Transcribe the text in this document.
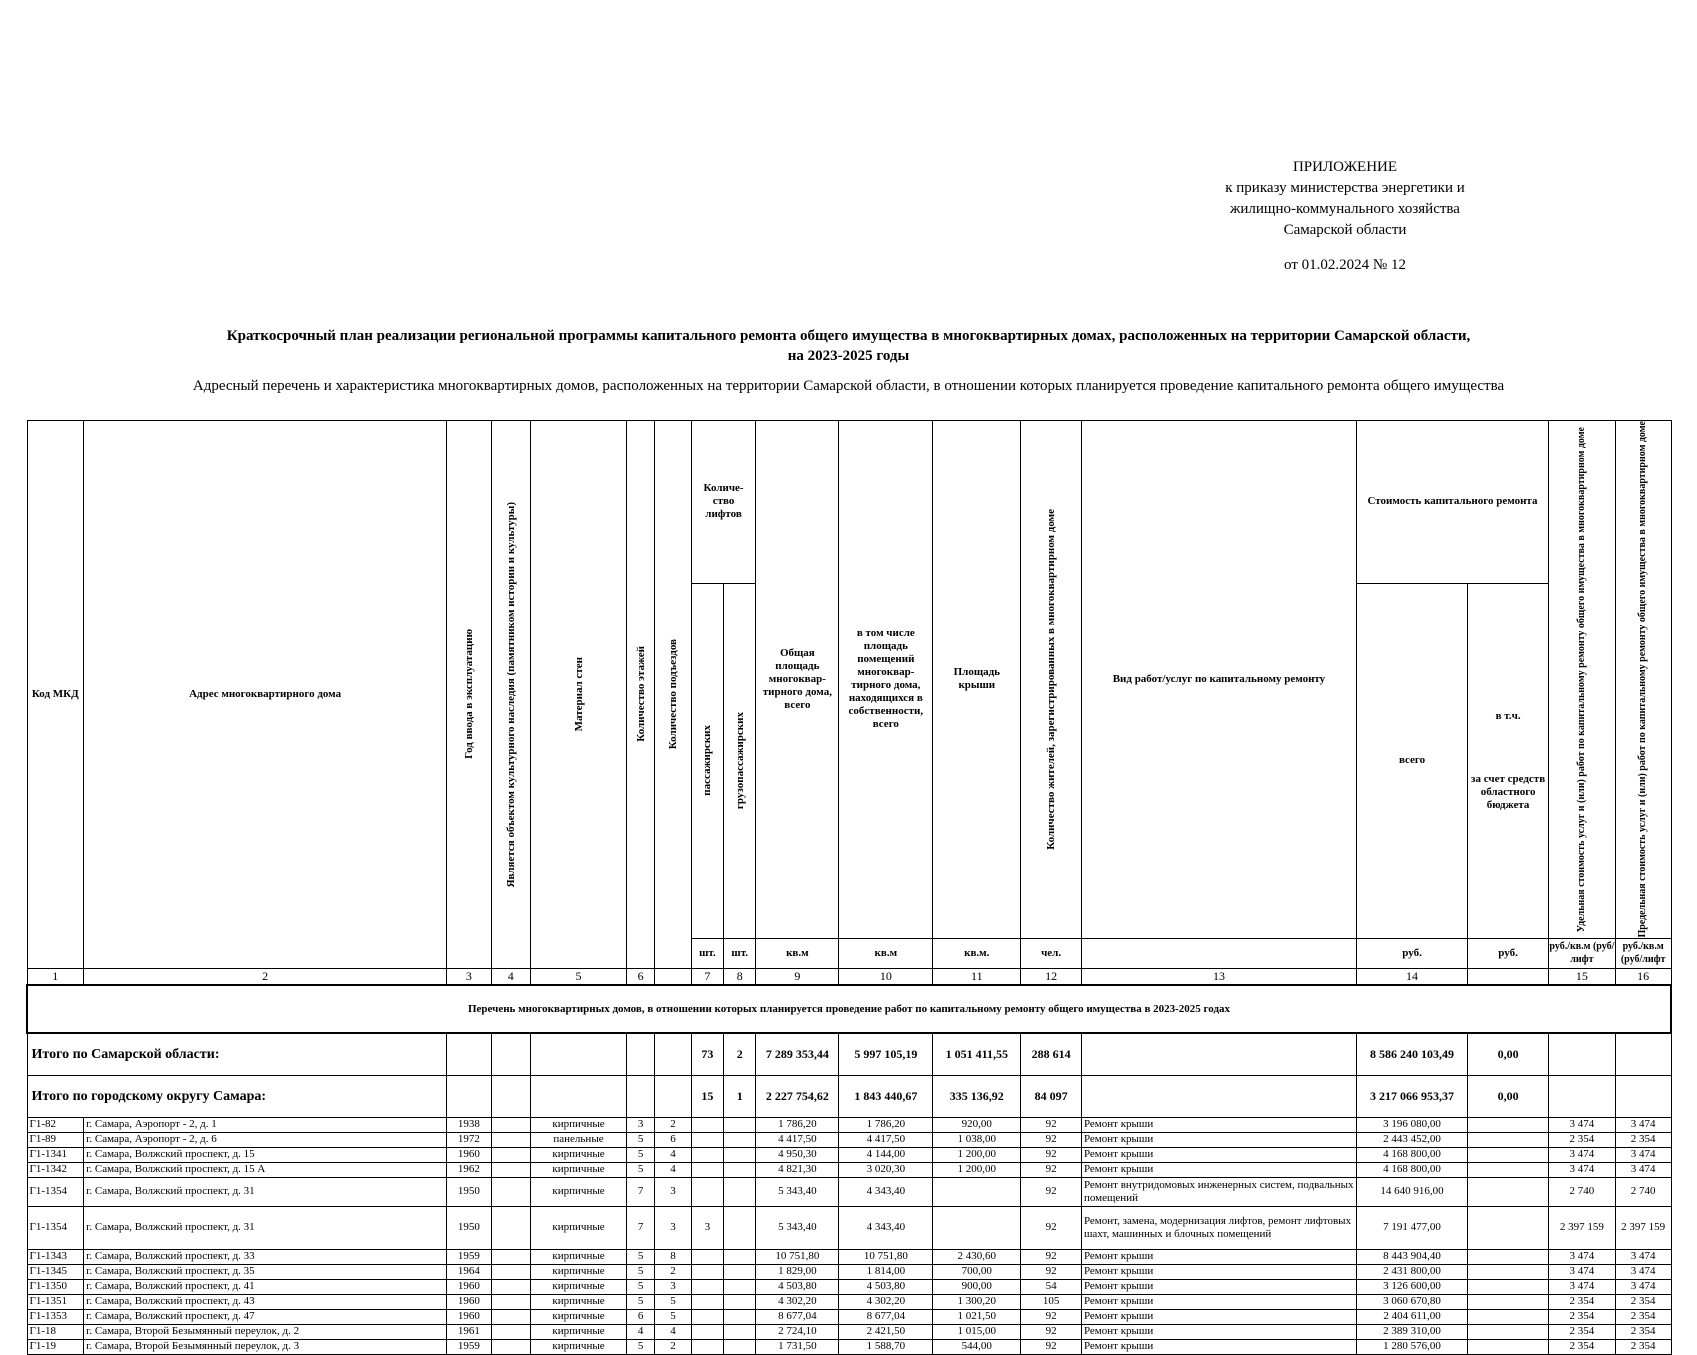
ПРИЛОЖЕНИЕ
к приказу министерства энергетики и
жилищно-коммунального хозяйства
Самарской области
от 01.02.2024 № 12
Краткосрочный план реализации региональной программы капитального ремонта общего имущества в многоквартирных домах, расположенных на территории Самарской области,
на 2023-2025 годы
Адресный перечень и характеристика многоквартирных домов, расположенных на территории Самарской области, в отношении которых планируется проведение капитального ремонта общего имущества
Код МКД	Адрес многоквартирного дома	Год ввода в эксплуатацию	Является объектом культурного наследия (памятником истории и культуры)	Материал стен	Количество этажей	Количество подъездов	Количе-ство лифтов		Общая площадь многоквар-тирного дома, всего	в том числе площадь помещений многоквар-тирного дома, находящихся в собственности, всего	Площадь крыши	Количество жителей, зарегистрированных в многоквартирном доме	Вид работ/услуг по капитальному ремонту	Стоимость капитального ремонта		Удельная стоимость услуг и (или) работ по капитальному ремонту общего имущества в многоквартирном доме	Предельная стоимость услуг и (или) работ по капитальному ремонту общего имущества в многоквартирном доме

							пассажирских	грузопассажирских						всего	в т.ч.
за счет средств областного бюджета		

							шт.	шт.	кв.м	кв.м	кв.м.	чел.		руб.	руб.	руб./кв.м (руб/лифт	руб./кв.м (руб/лифт
1	2	3	4	5	6		7	8	9	10	11	12	13	14		15	16
Перечень многоквартирных домов, в отношении которых планируется проведение работ по капитальному ремонту общего имущества в 2023-2025 годах																	
Итого по Самарской области:							73	2	7 289 353,44	5 997 105,19	1 051 411,55	288 614		8 586 240 103,49	0,00		
Итого по городскому округу Самара:							15	1	2 227 754,62	1 843 440,67	335 136,92	84 097		3 217 066 953,37	0,00		
Г1-82	г. Самара, Аэропорт - 2, д. 1	1938		кирпичные	3	2			1 786,20	1 786,20	920,00	92	Ремонт крыши	3 196 080,00		3 474	3 474
Г1-89	г. Самара, Аэропорт - 2, д. 6	1972		панельные	5	6			4 417,50	4 417,50	1 038,00	92	Ремонт крыши	2 443 452,00		2 354	2 354
Г1-1341	г. Самара, Волжский проспект, д. 15	1960		кирпичные	5	4			4 950,30	4 144,00	1 200,00	92	Ремонт крыши	4 168 800,00		3 474	3 474
Г1-1342	г. Самара, Волжский проспект, д. 15 А	1962		кирпичные	5	4			4 821,30	3 020,30	1 200,00	92	Ремонт крыши	4 168 800,00		3 474	3 474
Г1-1354	г. Самара, Волжский проспект, д. 31	1950		кирпичные	7	3			5 343,40	4 343,40		92	Ремонт внутридомовых инженерных систем, подвальных помещений	14 640 916,00		2 740	2 740
Г1-1354	г. Самара, Волжский проспект, д. 31	1950		кирпичные	7	3	3		5 343,40	4 343,40		92	Ремонт, замена, модернизация лифтов, ремонт лифтовых шахт, машинных и блочных помещений	7 191 477,00		2 397 159	2 397 159
Г1-1343	г. Самара, Волжский проспект, д. 33	1959		кирпичные	5	8			10 751,80	10 751,80	2 430,60	92	Ремонт крыши	8 443 904,40		3 474	3 474
Г1-1345	г. Самара, Волжский проспект, д. 35	1964		кирпичные	5	2			1 829,00	1 814,00	700,00	92	Ремонт крыши	2 431 800,00		3 474	3 474
Г1-1350	г. Самара, Волжский проспект, д. 41	1960		кирпичные	5	3			4 503,80	4 503,80	900,00	54	Ремонт крыши	3 126 600,00		3 474	3 474
Г1-1351	г. Самара, Волжский проспект, д. 43	1960		кирпичные	5	5			4 302,20	4 302,20	1 300,20	105	Ремонт крыши	3 060 670,80		2 354	2 354
Г1-1353	г. Самара, Волжский проспект, д. 47	1960		кирпичные	6	5			8 677,04	8 677,04	1 021,50	92	Ремонт крыши	2 404 611,00		2 354	2 354
Г1-18	г. Самара, Второй Безымянный переулок, д. 2	1961		кирпичные	4	4			2 724,10	2 421,50	1 015,00	92	Ремонт крыши	2 389 310,00		2 354	2 354
Г1-19	г. Самара, Второй Безымянный переулок, д. 3	1959		кирпичные	5	2			1 731,50	1 588,70	544,00	92	Ремонт крыши	1 280 576,00		2 354	2 354
